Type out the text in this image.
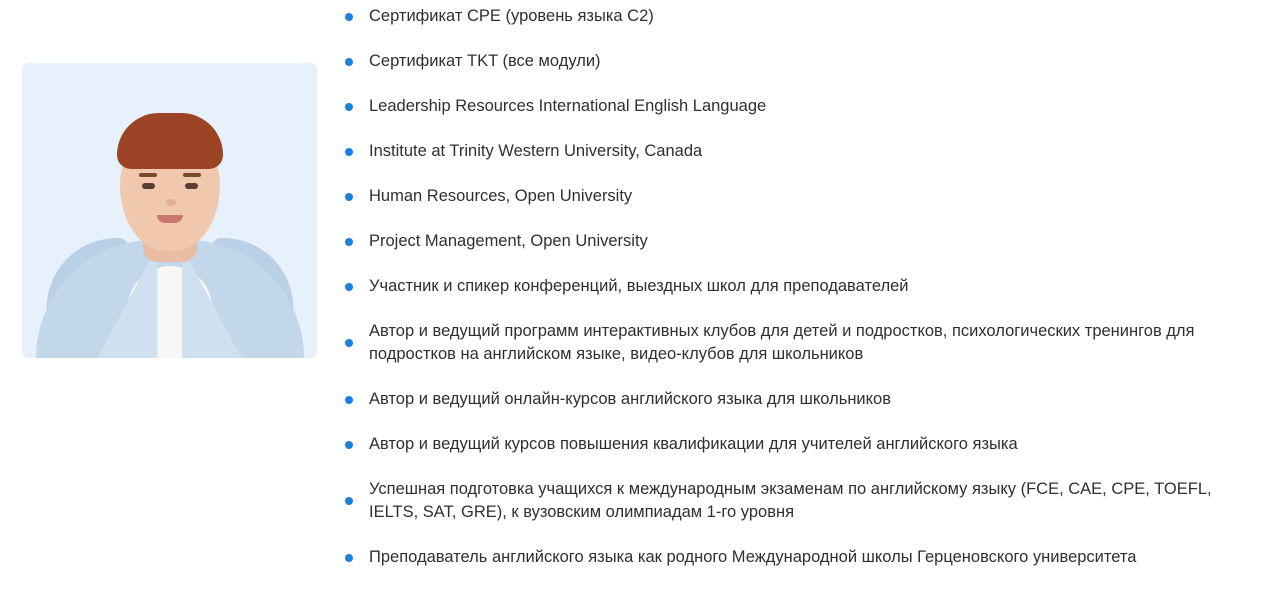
Сертификат CPE (уровень языка C2)
Сертификат TKT (все модули)
Leadership Resources International English Language
Institute at Trinity Western University, Canada
Human Resources, Open University
Project Management, Open University
Участник и спикер конференций, выездных школ для преподавателей
Автор и ведущий программ интерактивных клубов для детей и подростков, психологических тренингов для подростков на английском языке, видео-клубов для школьников
Автор и ведущий онлайн-курсов английского языка для школьников
Автор и ведущий курсов повышения квалификации для учителей английского языка
Успешная подготовка учащихся к международным экзаменам по английскому языку (FCE, CAE, CPE, TOEFL, IELTS, SAT, GRE), к вузовским олимпиадам 1-го уровня
Преподаватель английского языка как родного Международной школы Герценовского университета
